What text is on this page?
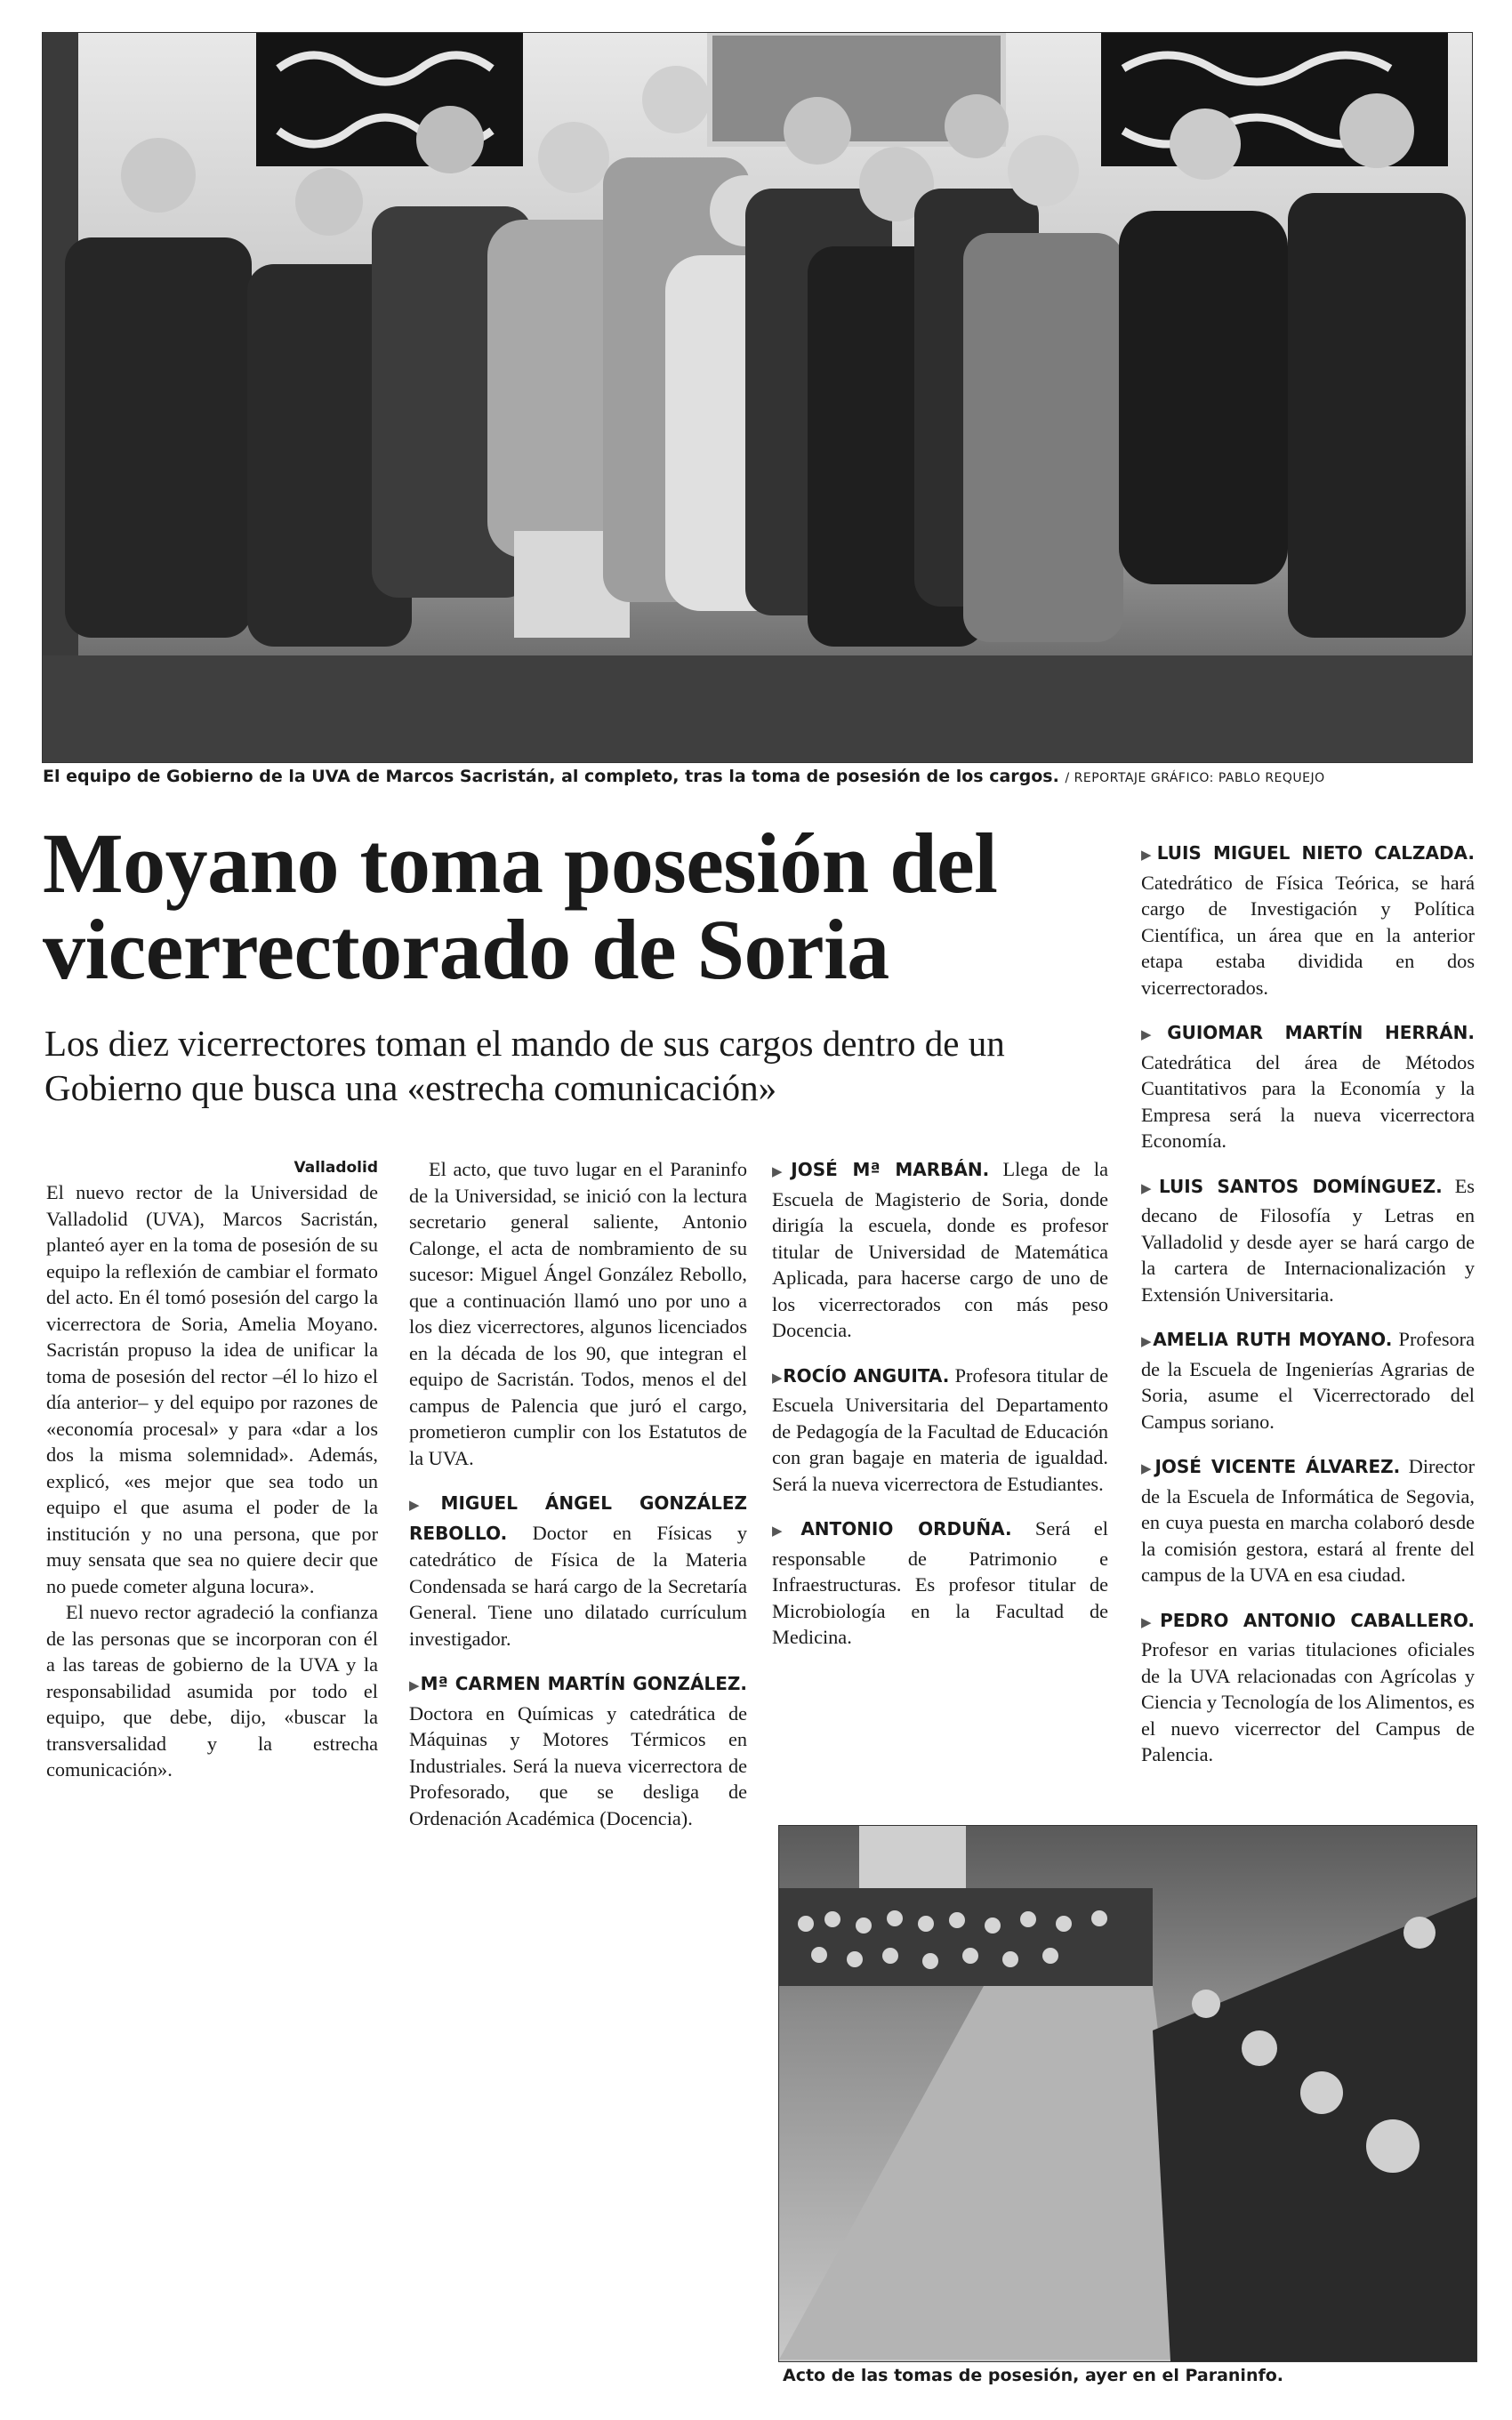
El equipo de Gobierno de la UVA de Marcos Sacristán, al completo, tras la toma de posesión de los cargos. / REPORTAJE GRÁFICO: PABLO REQUEJO
Moyano toma posesión del vicerrectorado de Soria
Los diez vicerrectores toman el mando de sus cargos dentro de un Gobierno que busca una «estrecha comunicación»
Valladolid

El nuevo rector de la Universidad de Valladolid (UVA), Marcos Sacristán, planteó ayer en la toma de posesión de su equipo la reflexión de cambiar el formato del acto. En él tomó posesión del cargo la vicerrectora de Soria, Amelia Moyano. Sacristán propuso la idea de unificar la toma de posesión del rector –él lo hizo el día anterior– y del equipo por razones de «economía procesal» y para «dar a los dos la misma solemnidad». Además, explicó, «es mejor que sea todo un equipo el que asuma el poder de la institución y no una persona, que por muy sensata que sea no quiere decir que no puede cometer alguna locura».

El nuevo rector agradeció la confianza de las personas que se incorporan con él a las tareas de gobierno de la UVA y la responsabilidad asumida por todo el equipo, que debe, dijo, «buscar la transversalidad y la estrecha comunicación».

El acto, que tuvo lugar en el Paraninfo de la Universidad, se inició con la lectura secretario general saliente, Antonio Calonge, el acta de nombramiento de su sucesor: Miguel Ángel González Rebollo, que a continuación llamó uno por uno a los diez vicerrectores, algunos licenciados en la década de los 90, que integran el equipo de Sacristán. Todos, menos el del campus de Palencia que juró el cargo, prometieron cumplir con los Estatutos de la UVA.

▶MIGUEL ÁNGEL GONZÁLEZ REBOLLO. Doctor en Físicas y catedrático de Física de la Materia Condensada se hará cargo de la Secretaría General. Tiene uno dilatado currículum investigador.

▶Mª CARMEN MARTÍN GONZÁLEZ. Doctora en Químicas y catedrática de Máquinas y Motores Térmicos en Industriales. Será la nueva vicerrectora de Profesorado, que se desliga de Ordenación Académica (Docencia).

▶JOSÉ Mª MARBÁN. Llega de la Escuela de Magisterio de Soria, donde dirigía la escuela, donde es profesor titular de Universidad de Matemática Aplicada, para hacerse cargo de uno de los vicerrectorados con más peso Docencia.

▶ROCÍO ANGUITA. Profesora titular de Escuela Universitaria del Departamento de Pedagogía de la Facultad de Educación con gran bagaje en materia de igualdad. Será la nueva vicerrectora de Estudiantes.

▶ANTONIO ORDUÑA. Será el responsable de Patrimonio e Infraestructuras. Es profesor titular de Microbiología en la Facultad de Medicina.

▶LUIS MIGUEL NIETO CALZADA. Catedrático de Física Teórica, se hará cargo de Investigación y Política Científica, un área que en la anterior etapa estaba dividida en dos vicerrectorados.

▶GUIOMAR MARTÍN HERRÁN. Catedrática del área de Métodos Cuantitativos para la Economía y la Empresa será la nueva vicerrectora Economía.

▶LUIS SANTOS DOMÍNGUEZ. Es decano de Filosofía y Letras en Valladolid y desde ayer se hará cargo de la cartera de Internacionalización y Extensión Universitaria.

▶AMELIA RUTH MOYANO. Profesora de la Escuela de Ingenierías Agrarias de Soria, asume el Vicerrectorado del Campus soriano.

▶JOSÉ VICENTE ÁLVAREZ. Director de la Escuela de Informática de Segovia, en cuya puesta en marcha colaboró desde la comisión gestora, estará al frente del campus de la UVA en esa ciudad.

▶PEDRO ANTONIO CABALLERO. Profesor en varias titulaciones oficiales de la UVA relacionadas con Agrícolas y Ciencia y Tecnología de los Alimentos, es el nuevo vicerrector del Campus de Palencia.

Acto de las tomas de posesión, ayer en el Paraninfo.
